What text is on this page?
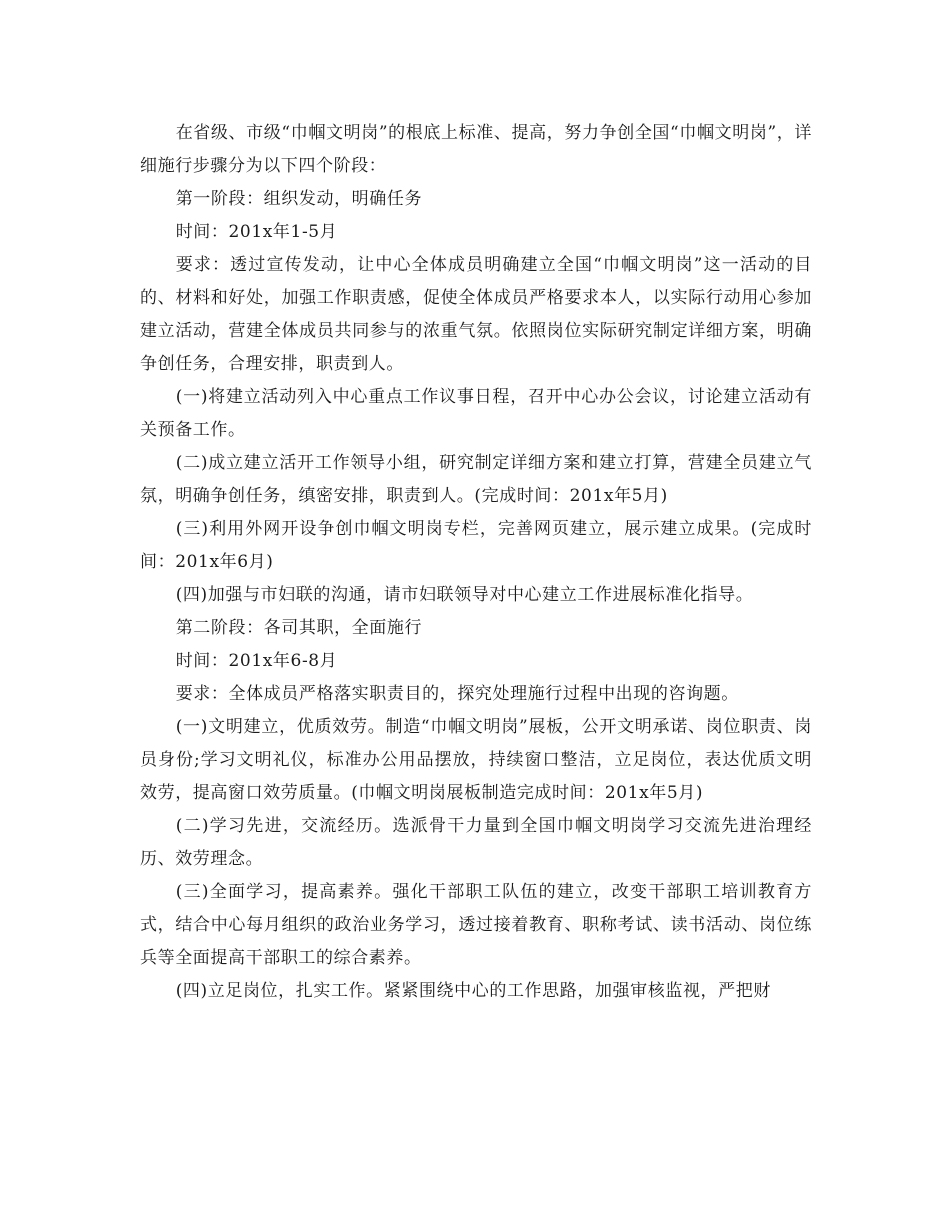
在省级、市级“巾帼文明岗”的根底上标准、提高，努力争创全国“巾帼文明岗”，详细施行步骤分为以下四个阶段：

第一阶段：组织发动，明确任务

时间：201x年1-5月

要求：透过宣传发动，让中心全体成员明确建立全国“巾帼文明岗”这一活动的目的、材料和好处，加强工作职责感，促使全体成员严格要求本人，以实际行动用心参加建立活动，营建全体成员共同参与的浓重气氛。依照岗位实际研究制定详细方案，明确争创任务，合理安排，职责到人。

(一)将建立活动列入中心重点工作议事日程，召开中心办公会议，讨论建立活动有关预备工作。

(二)成立建立活开工作领导小组，研究制定详细方案和建立打算，营建全员建立气氛，明确争创任务，缜密安排，职责到人。(完成时间：201x年5月)

(三)利用外网开设争创巾帼文明岗专栏，完善网页建立，展示建立成果。(完成时间：201x年6月)

(四)加强与市妇联的沟通，请市妇联领导对中心建立工作进展标准化指导。

第二阶段：各司其职，全面施行

时间：201x年6-8月

要求：全体成员严格落实职责目的，探究处理施行过程中出现的咨询题。

(一)文明建立，优质效劳。制造“巾帼文明岗”展板，公开文明承诺、岗位职责、岗员身份;学习文明礼仪，标准办公用品摆放，持续窗口整洁，立足岗位，表达优质文明效劳，提高窗口效劳质量。(巾帼文明岗展板制造完成时间：201x年5月)

(二)学习先进，交流经历。选派骨干力量到全国巾帼文明岗学习交流先进治理经历、效劳理念。

(三)全面学习，提高素养。强化干部职工队伍的建立，改变干部职工培训教育方式，结合中心每月组织的政治业务学习，透过接着教育、职称考试、读书活动、岗位练兵等全面提高干部职工的综合素养。

(四)立足岗位，扎实工作。紧紧围绕中心的工作思路，加强审核监视，严把财
